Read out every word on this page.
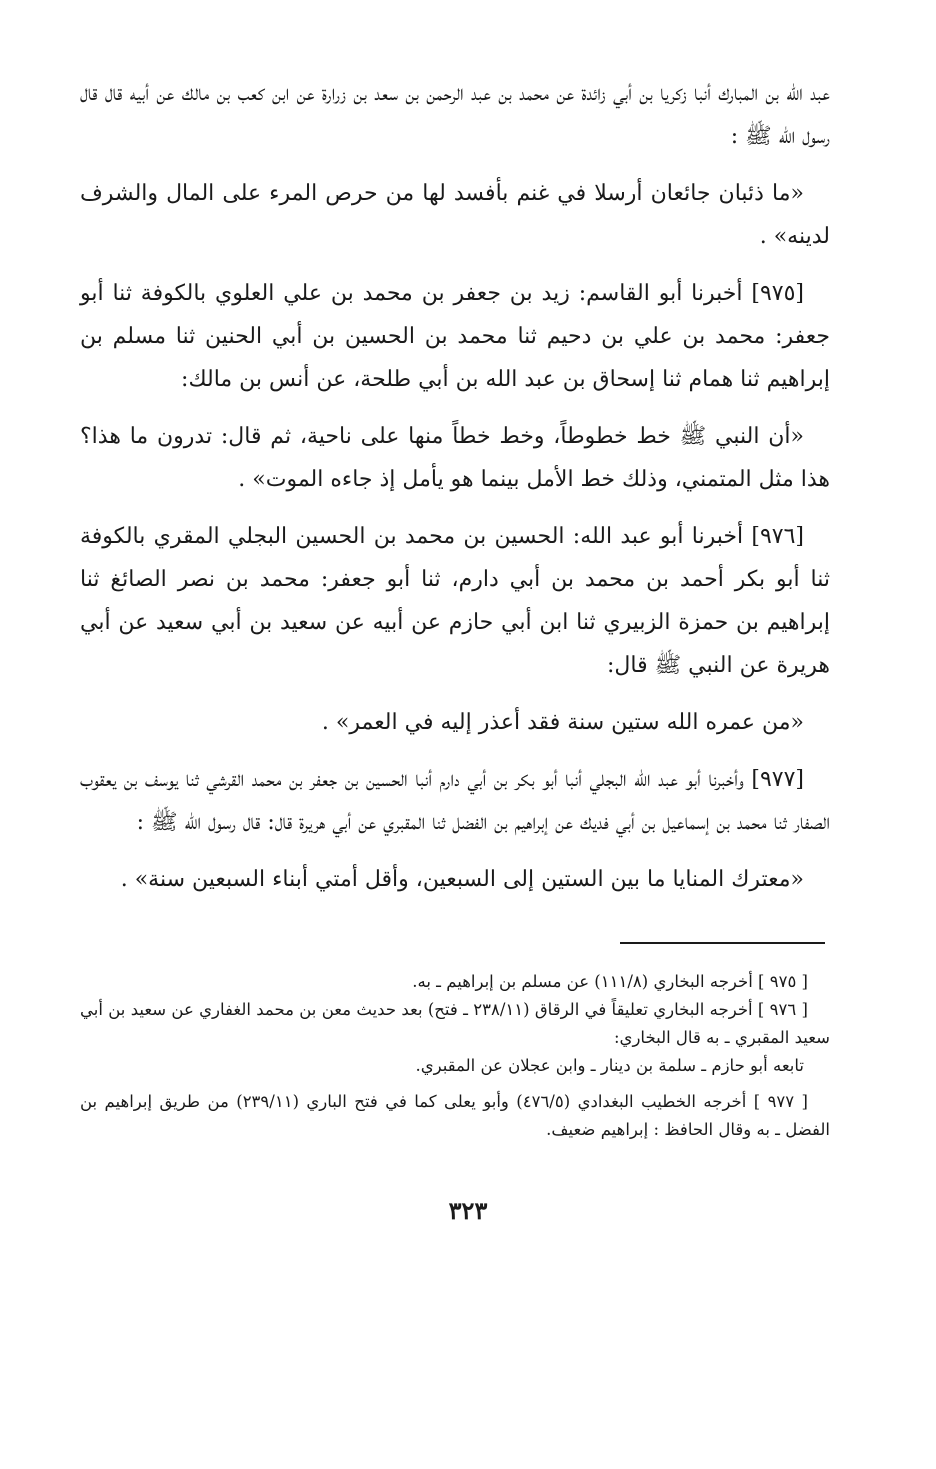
عبد الله بن المبارك أنبا زكريا بن أبي زائدة عن محمد بن عبد الرحمن بن سعد بن زرارة عن ابن كعب بن مالك عن أبيه قال قال رسول الله ﷺ :

«ما ذئبان جائعان أرسلا في غنم بأفسد لها من حرص المرء على المال والشرف لدينه» .

[٩٧٥] أخبرنا أبو القاسم: زيد بن جعفر بن محمد بن علي العلوي بالكوفة ثنا أبو جعفر: محمد بن علي بن دحيم ثنا محمد بن الحسين بن أبي الحنين ثنا مسلم بن إبراهيم ثنا همام ثنا إسحاق بن عبد الله بن أبي طلحة، عن أنس بن مالك:

«أن النبي ﷺ خط خطوطاً، وخط خطاً منها على ناحية، ثم قال: تدرون ما هذا؟ هذا مثل المتمني، وذلك خط الأمل بينما هو يأمل إذ جاءه الموت» .

[٩٧٦] أخبرنا أبو عبد الله: الحسين بن محمد بن الحسين البجلي المقري بالكوفة ثنا أبو بكر أحمد بن محمد بن أبي دارم، ثنا أبو جعفر: محمد بن نصر الصائغ ثنا إبراهيم بن حمزة الزبيري ثنا ابن أبي حازم عن أبيه عن سعيد بن أبي سعيد عن أبي هريرة عن النبي ﷺ قال:

«من عمره الله ستين سنة فقد أعذر إليه في العمر» .

[٩٧٧] وأخبرنا أبو عبد الله البجلي أنبا أبو بكر بن أبي دارم أنبا الحسين بن جعفر بن محمد القرشي ثنا يوسف بن يعقوب الصفار ثنا محمد بن إسماعيل بن أبي فديك عن إبراهيم بن الفضل ثنا المقبري عن أبي هريرة قال: قال رسول الله ﷺ :

«معترك المنايا ما بين الستين إلى السبعين، وأقل أمتي أبناء السبعين سنة» .

[ ٩٧٥ ] أخرجه البخاري (١١١/٨) عن مسلم بن إبراهيم ـ به.

[ ٩٧٦ ] أخرجه البخاري تعليقاً في الرقاق (٢٣٨/١١ ـ فتح) بعد حديث معن بن محمد الغفاري عن سعيد بن أبي سعيد المقبري ـ به قال البخاري:

تابعه أبو حازم ـ سلمة بن دينار ـ وابن عجلان عن المقبري.

[ ٩٧٧ ] أخرجه الخطيب البغدادي (٤٧٦/٥) وأبو يعلى كما في فتح الباري (٢٣٩/١١) من طريق إبراهيم بن الفضل ـ به وقال الحافظ : إبراهيم ضعيف.

٣٢٣
